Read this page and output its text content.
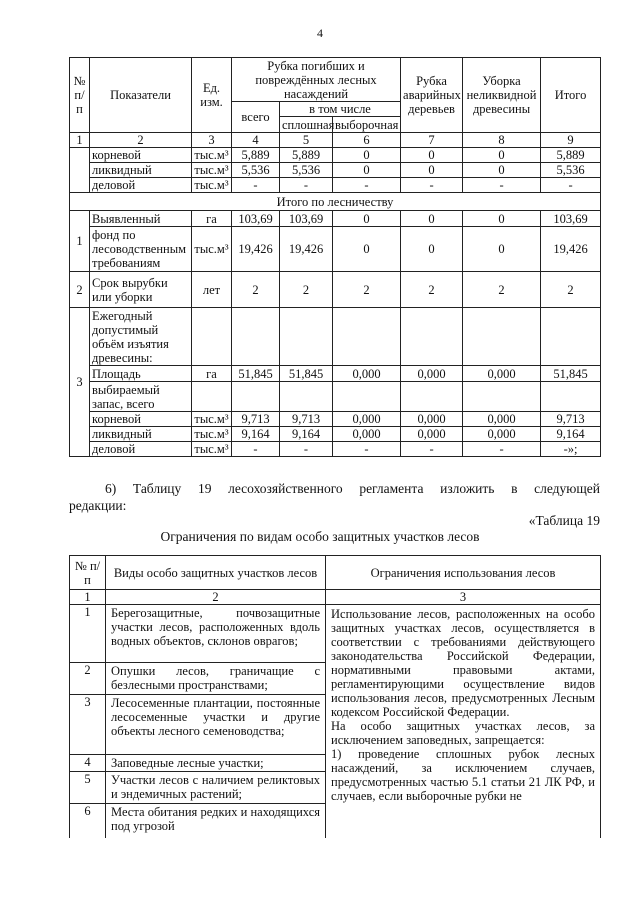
4
№ п/п	Показатели	Ед. изм.	Рубка погибших и повреждённых лесных насаждений			Рубка аварийных деревьев	Уборка неликвидной древесины	Итого
			всего	в том числе				
				сплошная	выборочная			
1	2	3	4	5	6	7	8	9
	корневой	тыс.м³	5,889	5,889	0	0	0	5,889
	ликвидный	тыс.м³	5,536	5,536	0	0	0	5,536
	деловой	тыс.м³	-	-	-	-	-	-
Итого по лесничеству								
1	Выявленный	га	103,69	103,69	0	0	0	103,69
	фонд по лесоводственным требованиям	тыс.м³	19,426	19,426	0	0	0	19,426
2	Срок вырубки или уборки	лет	2	2	2	2	2	2
3	Ежегодный допустимый объём изъятия древесины:							
	Площадь	га	51,845	51,845	0,000	0,000	0,000	51,845
	выбираемый запас, всего							
	корневой	тыс.м³	9,713	9,713	0,000	0,000	0,000	9,713
	ликвидный	тыс.м³	9,164	9,164	0,000	0,000	0,000	9,164
	деловой	тыс.м³	-	-	-	-	-	-»;
6) Таблицу 19 лесохозяйственного регламента изложить в следующей
редакции:
«Таблица 19
Ограничения по видам особо защитных участков лесов
№ п/п	Виды особо защитных участков лесов	Ограничения использования лесов
1	2	3
1	Берегозащитные, почвозащитные участки лесов, расположенных вдоль водных объектов, склонов оврагов;	Использование лесов, расположенных на особо защитных участках лесов, осуществляется в соответствии с требованиями действующего законодательства Российской Федерации, нормативными правовыми актами, регламентирующими осуществление видов использования лесов, предусмотренных Лесным кодексом Российской Федерации.
На особо защитных участках лесов, за исключением заповедных, запрещается:
1) проведение сплошных рубок лесных насаждений, за исключением случаев, предусмотренных частью 5.1 статьи 21 ЛК РФ, и случаев, если выборочные рубки не

2	Опушки лесов, граничащие с безлесными пространствами;	
3	Лесосеменные плантации, постоянные лесосеменные участки и другие объекты лесного семеноводства;	
4	Заповедные лесные участки;	
5	Участки лесов с наличием реликтовых и эндемичных растений;	
6	Места обитания редких и находящихся под угрозой	
